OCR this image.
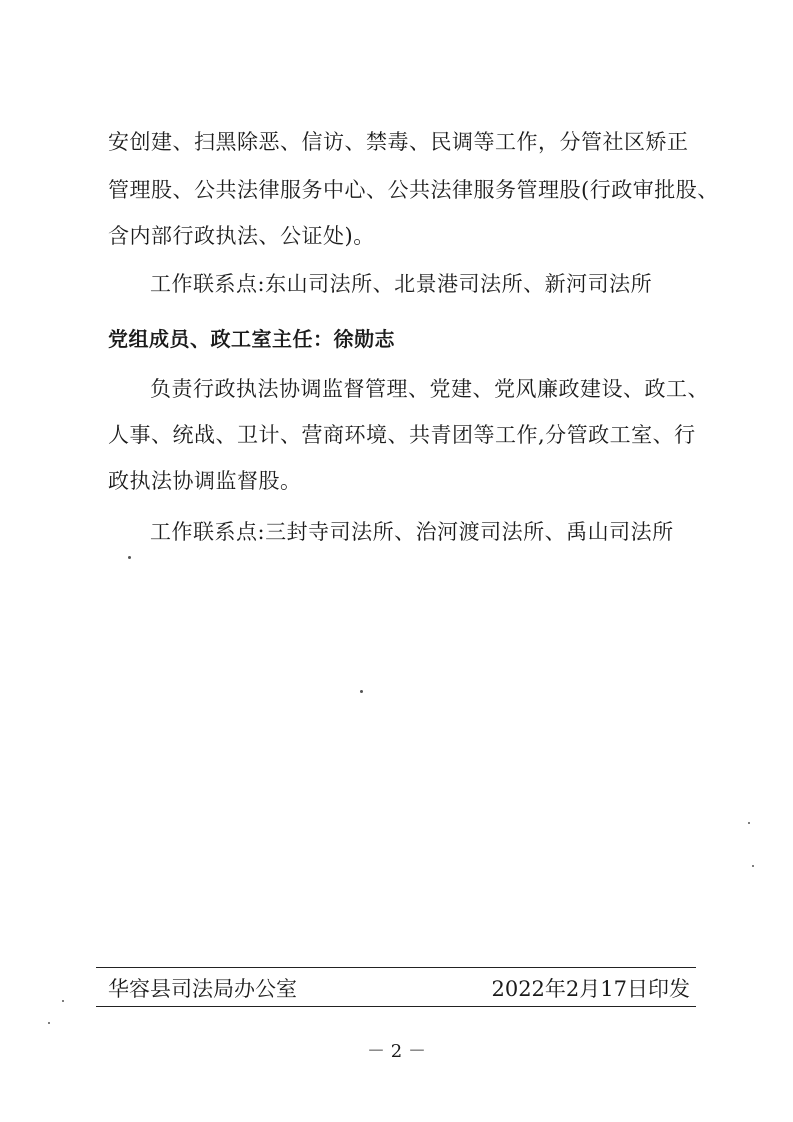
安创建、扫黑除恶、信访、禁毒、民调等工作，分管社区矫正
管理股、公共法律服务中心、公共法律服务管理股(行政审批股、
含内部行政执法、公证处)。
工作联系点:东山司法所、北景港司法所、新河司法所
党组成员、政工室主任：徐勋志
负责行政执法协调监督管理、党建、党风廉政建设、政工、
人事、统战、卫计、营商环境、共青团等工作,分管政工室、行
政执法协调监督股。
工作联系点:三封寺司法所、治河渡司法所、禹山司法所
华容县司法局办公室	2022年2月17日印发
－ 2 －
